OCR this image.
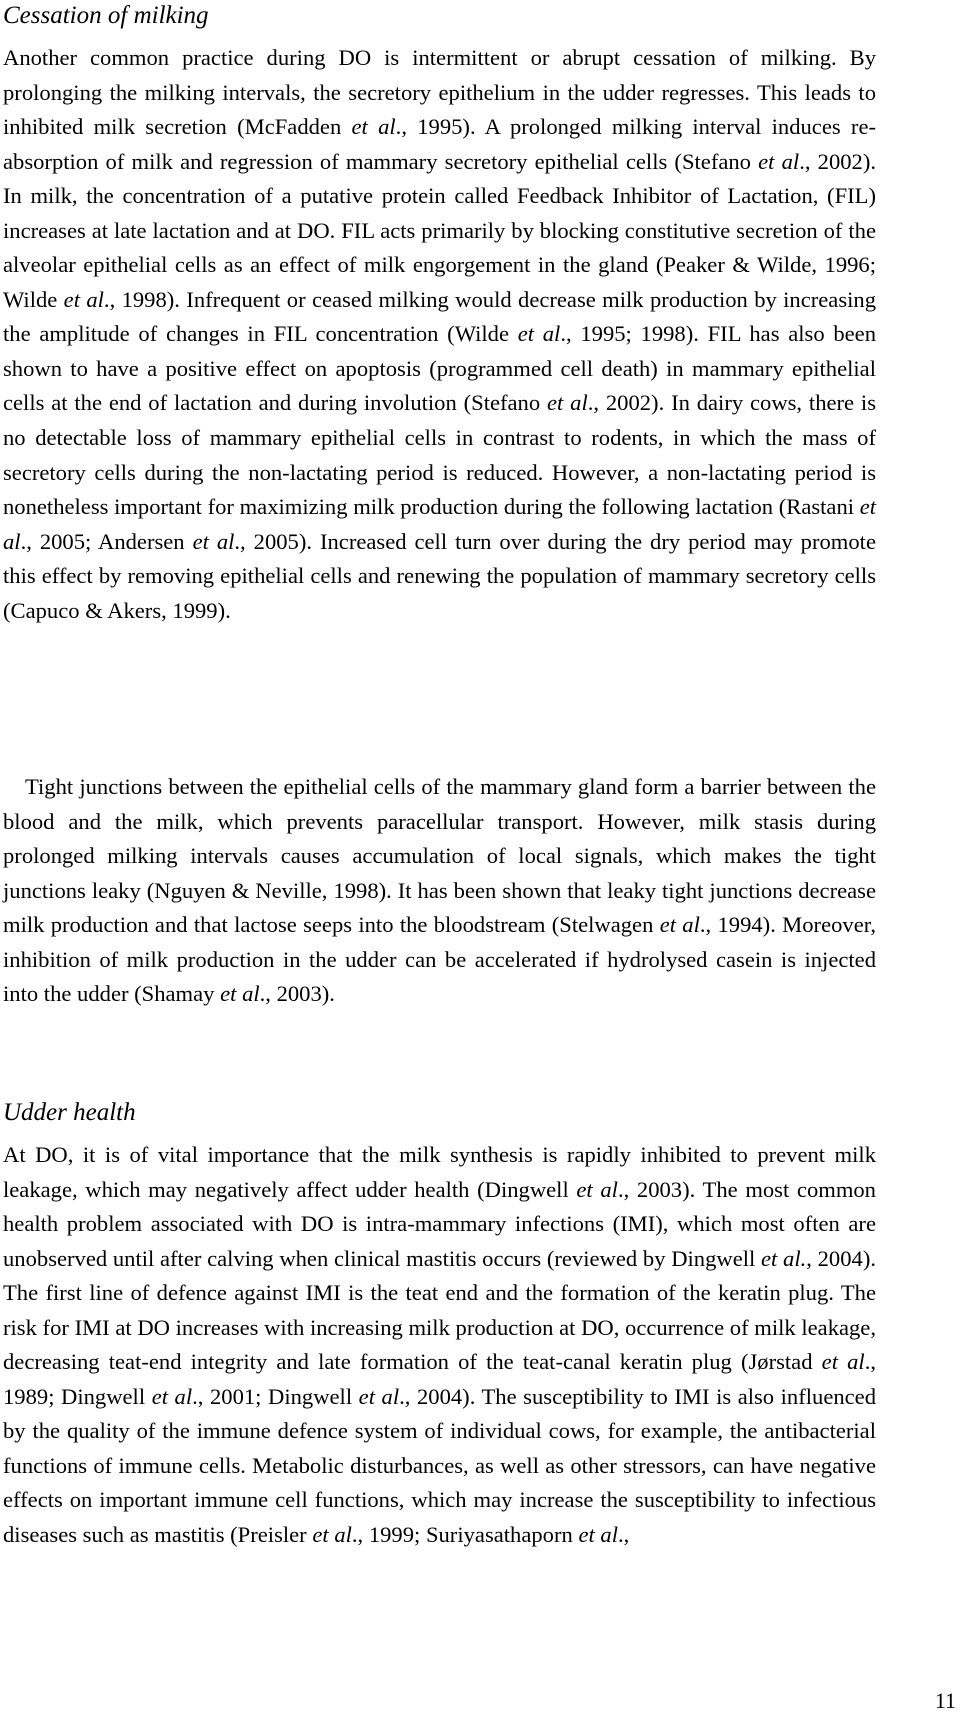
Cessation of milking

Another common practice during DO is intermittent or abrupt cessation of milking. By prolonging the milking intervals, the secretory epithelium in the udder regresses. This leads to inhibited milk secretion (McFadden et al., 1995). A prolonged milking interval induces re-absorption of milk and regression of mammary secretory epithelial cells (Stefano et al., 2002). In milk, the concentration of a putative protein called Feedback Inhibitor of Lactation, (FIL) increases at late lactation and at DO. FIL acts primarily by blocking constitutive secretion of the alveolar epithelial cells as an effect of milk engorgement in the gland (Peaker & Wilde, 1996; Wilde et al., 1998). Infrequent or ceased milking would decrease milk production by increasing the amplitude of changes in FIL concentration (Wilde et al., 1995; 1998). FIL has also been shown to have a positive effect on apoptosis (programmed cell death) in mammary epithelial cells at the end of lactation and during involution (Stefano et al., 2002). In dairy cows, there is no detectable loss of mammary epithelial cells in contrast to rodents, in which the mass of secretory cells during the non-lactating period is reduced. However, a non-lactating period is nonetheless important for maximizing milk production during the following lactation (Rastani et al., 2005; Andersen et al., 2005). Increased cell turn over during the dry period may promote this effect by removing epithelial cells and renewing the population of mammary secretory cells (Capuco & Akers, 1999).

Tight junctions between the epithelial cells of the mammary gland form a barrier between the blood and the milk, which prevents paracellular transport. However, milk stasis during prolonged milking intervals causes accumulation of local signals, which makes the tight junctions leaky (Nguyen & Neville, 1998). It has been shown that leaky tight junctions decrease milk production and that lactose seeps into the bloodstream (Stelwagen et al., 1994). Moreover, inhibition of milk production in the udder can be accelerated if hydrolysed casein is injected into the udder (Shamay et al., 2003).

Udder health

At DO, it is of vital importance that the milk synthesis is rapidly inhibited to prevent milk leakage, which may negatively affect udder health (Dingwell et al., 2003). The most common health problem associated with DO is intra-mammary infections (IMI), which most often are unobserved until after calving when clinical mastitis occurs (reviewed by Dingwell et al., 2004). The first line of defence against IMI is the teat end and the formation of the keratin plug. The risk for IMI at DO increases with increasing milk production at DO, occurrence of milk leakage, decreasing teat-end integrity and late formation of the teat-canal keratin plug (Jørstad et al., 1989; Dingwell et al., 2001; Dingwell et al., 2004). The susceptibility to IMI is also influenced by the quality of the immune defence system of individual cows, for example, the antibacterial functions of immune cells. Metabolic disturbances, as well as other stressors, can have negative effects on important immune cell functions, which may increase the susceptibility to infectious diseases such as mastitis (Preisler et al., 1999; Suriyasathaporn et al.,

11
